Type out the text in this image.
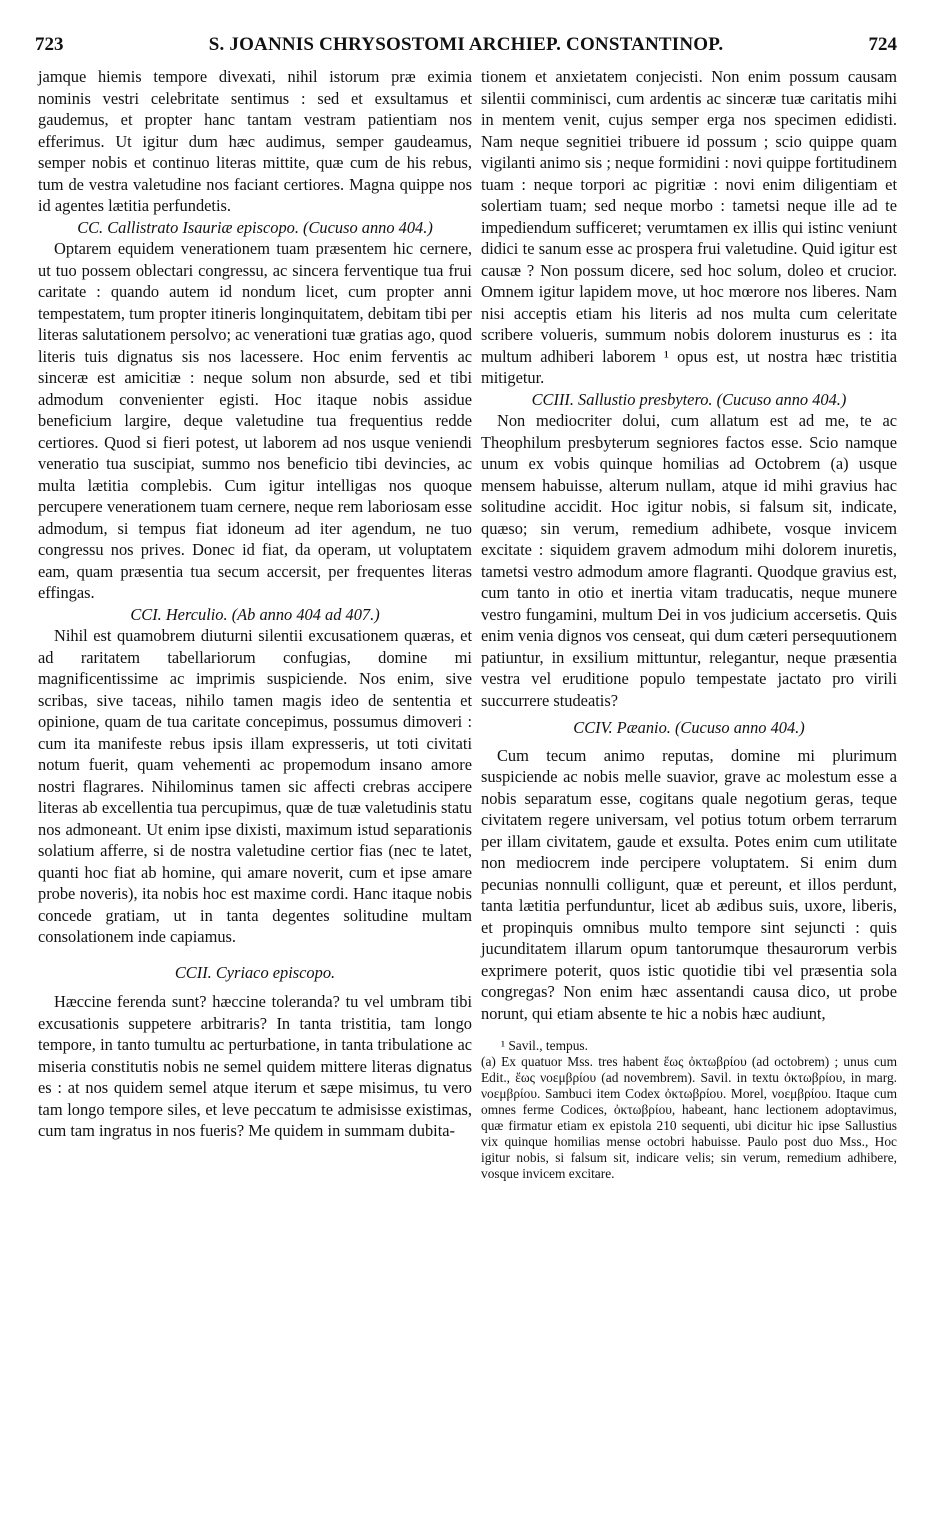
723	S. JOANNIS CHRYSOSTOMI ARCHIEP. CONSTANTINOP.	724

jamque hiemis tempore divexati, nihil istorum præ eximia nominis vestri celebritate sentimus : sed et exsultamus et gaudemus, et propter hanc tantam vestram patientiam nos efferimus. Ut igitur dum hæc audimus, semper gaudeamus, semper nobis et continuo literas mittite, quæ cum de his rebus, tum de vestra valetudine nos faciant certiores. Magna quippe nos id agentes lætitia perfundetis.

CC. Callistrato Isauriæ episcopo. (Cucuso anno 404.)

Optarem equidem venerationem tuam præsentem hic cernere, ut tuo possem oblectari congressu, ac sincera ferventique tua frui caritate : quando autem id nondum licet, cum propter anni tempestatem, tum propter itineris longinquitatem, debitam tibi per literas salutationem persolvo; ac venerationi tuæ gratias ago, quod literis tuis dignatus sis nos lacessere. Hoc enim ferventis ac sinceræ est amicitiæ : neque solum non absurde, sed et tibi admodum convenienter egisti. Hoc itaque nobis assidue beneficium largire, deque valetudine tua frequentius redde certiores. Quod si fieri potest, ut laborem ad nos usque veniendi veneratio tua suscipiat, summo nos beneficio tibi devincies, ac multa lætitia complebis. Cum igitur intelligas nos quoque percupere venerationem tuam cernere, neque rem laboriosam esse admodum, si tempus fiat idoneum ad iter agendum, ne tuo congressu nos prives. Donec id fiat, da operam, ut voluptatem eam, quam præsentia tua secum accersit, per frequentes literas effingas.

CCI. Herculio. (Ab anno 404 ad 407.)

Nihil est quamobrem diuturni silentii excusationem quæras, et ad raritatem tabellariorum confugias, domine mi magnificentissime ac imprimis suspiciende. Nos enim, sive scribas, sive taceas, nihilo tamen magis ideo de sententia et opinione, quam de tua caritate concepimus, possumus dimoveri : cum ita manifeste rebus ipsis illam expresseris, ut toti civitati notum fuerit, quam vehementi ac propemodum insano amore nostri flagrares. Nihilominus tamen sic affecti crebras accipere literas ab excellentia tua percupimus, quæ de tuæ valetudinis statu nos admoneant. Ut enim ipse dixisti, maximum istud separationis solatium afferre, si de nostra valetudine certior fias (nec te latet, quanti hoc fiat ab homine, qui amare noverit, cum et ipse amare probe noveris), ita nobis hoc est maxime cordi. Hanc itaque nobis concede gratiam, ut in tanta degentes solitudine multam consolationem inde capiamus.

CCII. Cyriaco episcopo.

Hæccine ferenda sunt? hæccine toleranda? tu vel umbram tibi excusationis suppetere arbitraris? In tanta tristitia, tam longo tempore, in tanto tumultu ac perturbatione, in tanta tribulatione ac miseria constitutis nobis ne semel quidem mittere literas dignatus es : at nos quidem semel atque iterum et sæpe misimus, tu vero tam longo tempore siles, et leve peccatum te admisisse existimas, cum tam ingratus in nos fueris? Me quidem in summam dubita-

tionem et anxietatem conjecisti. Non enim possum causam silentii comminisci, cum ardentis ac sinceræ tuæ caritatis mihi in mentem venit, cujus semper erga nos specimen edidisti. Nam neque segnitiei tribuere id possum ; scio quippe quam vigilanti animo sis ; neque formidini : novi quippe fortitudinem tuam : neque torpori ac pigritiæ : novi enim diligentiam et solertiam tuam; sed neque morbo : tametsi neque ille ad te impediendum sufficeret; verumtamen ex illis qui istinc veniunt didici te sanum esse ac prospera frui valetudine. Quid igitur est causæ ? Non possum dicere, sed hoc solum, doleo et crucior. Omnem igitur lapidem move, ut hoc mœrore nos liberes. Nam nisi acceptis etiam his literis ad nos multa cum celeritate scribere volueris, summum nobis dolorem inusturus es : ita multum adhiberi laborem ¹ opus est, ut nostra hæc tristitia mitigetur.

CCIII. Sallustio presbytero. (Cucuso anno 404.)

Non mediocriter dolui, cum allatum est ad me, te ac Theophilum presbyterum segniores factos esse. Scio namque unum ex vobis quinque homilias ad Octobrem (a) usque mensem habuisse, alterum nullam, atque id mihi gravius hac solitudine accidit. Hoc igitur nobis, si falsum sit, indicate, quæso; sin verum, remedium adhibete, vosque invicem excitate : siquidem gravem admodum mihi dolorem inuretis, tametsi vestro admodum amore flagranti. Quodque gravius est, cum tanto in otio et inertia vitam traducatis, neque munere vestro fungamini, multum Dei in vos judicium accersetis. Quis enim venia dignos vos censeat, qui dum cæteri persequutionem patiuntur, in exsilium mittuntur, relegantur, neque præsentia vestra vel eruditione populo tempestate jactato pro virili succurrere studeatis?

CCIV. Pæanio. (Cucuso anno 404.)

Cum tecum animo reputas, domine mi plurimum suspiciende ac nobis melle suavior, grave ac molestum esse a nobis separatum esse, cogitans quale negotium geras, teque civitatem regere universam, vel potius totum orbem terrarum per illam civitatem, gaude et exsulta. Potes enim cum utilitate non mediocrem inde percipere voluptatem. Si enim dum pecunias nonnulli colligunt, quæ et pereunt, et illos perdunt, tanta lætitia perfunduntur, licet ab ædibus suis, uxore, liberis, et propinquis omnibus multo tempore sint sejuncti : quis jucunditatem illarum opum tantorumque thesaurorum verbis exprimere poterit, quos istic quotidie tibi vel præsentia sola congregas? Non enim hæc assentandi causa dico, ut probe norunt, qui etiam absente te hic a nobis hæc audiunt,

¹ Savil., tempus.

(a) Ex quatuor Mss. tres habent ἕως ὀκτωβρίου (ad octobrem) ; unus cum Edit., ἕως νοεμβρίου (ad novembrem). Savil. in textu ὀκτωβρίου, in marg. νοεμβρίου. Sambuci item Codex ὀκτωβρίου. Morel, νοεμβρίου. Itaque cum omnes ferme Codices, ὀκτωβρίου, habeant, hanc lectionem adoptavimus, quæ firmatur etiam ex epistola 210 sequenti, ubi dicitur hic ipse Sallustius vix quinque homilias mense octobri habuisse. Paulo post duo Mss., Hoc igitur nobis, si falsum sit, indicare velis; sin verum, remedium adhibere, vosque invicem excitare.
